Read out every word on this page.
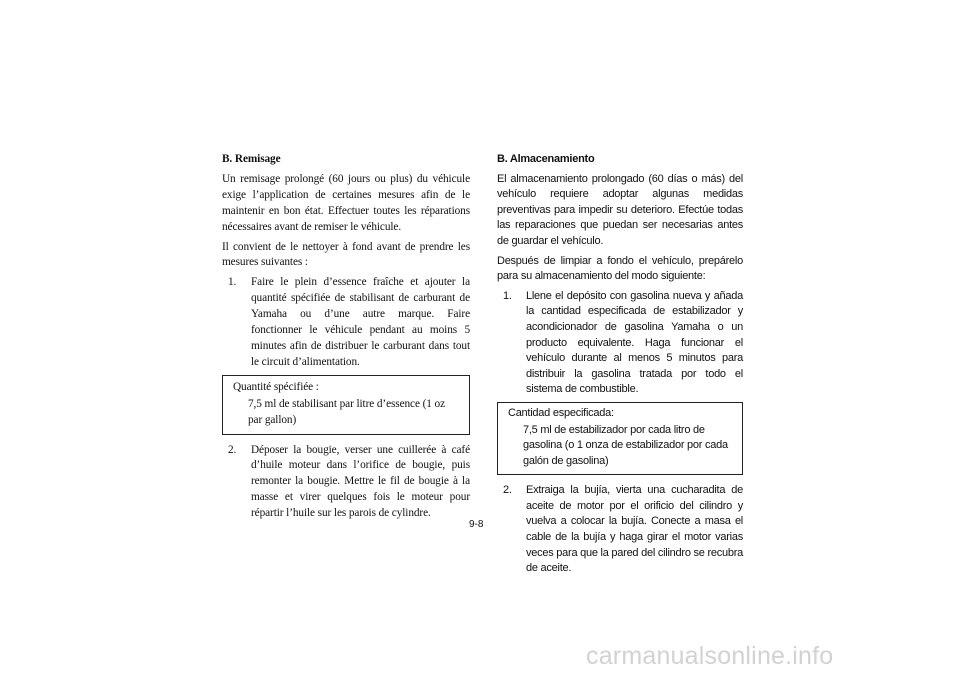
B. Remisage

Un remisage prolongé (60 jours ou plus) du véhicule exige l’application de certaines mesures afin de le maintenir en bon état. Effectuer toutes les réparations nécessaires avant de remiser le véhicule.

Il convient de le nettoyer à fond avant de prendre les mesures suivantes :

1.	Faire le plein d’essence fraîche et ajouter la quantité spécifiée de stabilisant de carburant de Yamaha ou d’une autre marque. Faire fonctionner le véhicule pendant au moins 5 minutes afin de distribuer le carburant dans tout le circuit d’alimentation.
Quantité spécifiée :
7,5 ml de stabilisant par litre d’essence (1 oz par gallon)
2.	Déposer la bougie, verser une cuillerée à café d’huile moteur dans l’orifice de bougie, puis remonter la bougie. Mettre le fil de bougie à la masse et virer quelques fois le moteur pour répartir l’huile sur les parois de cylindre.
B. Almacenamiento

El almacenamiento prolongado (60 días o más) del vehículo requiere adoptar algunas medidas preventivas para impedir su deterioro. Efectúe todas las reparaciones que puedan ser necesarias antes de guardar el vehículo.

Después de limpiar a fondo el vehículo, prepárelo para su almacenamiento del modo siguiente:

1.	Llene el depósito con gasolina nueva y añada la cantidad especificada de estabilizador y acondicionador de gasolina Yamaha o un producto equivalente. Haga funcionar el vehículo durante al menos 5 minutos para distribuir la gasolina tratada por todo el sistema de combustible.
Cantidad especificada:
7,5 ml de estabilizador por cada litro de gasolina (o 1 onza de estabilizador por cada galón de gasolina)
2.	Extraiga la bujía, vierta una cucharadita de aceite de motor por el orificio del cilindro y vuelva a colocar la bujía. Conecte a masa el cable de la bujía y haga girar el motor varias veces para que la pared del cilindro se recubra de aceite.
9-8
carmanualsonline.info
